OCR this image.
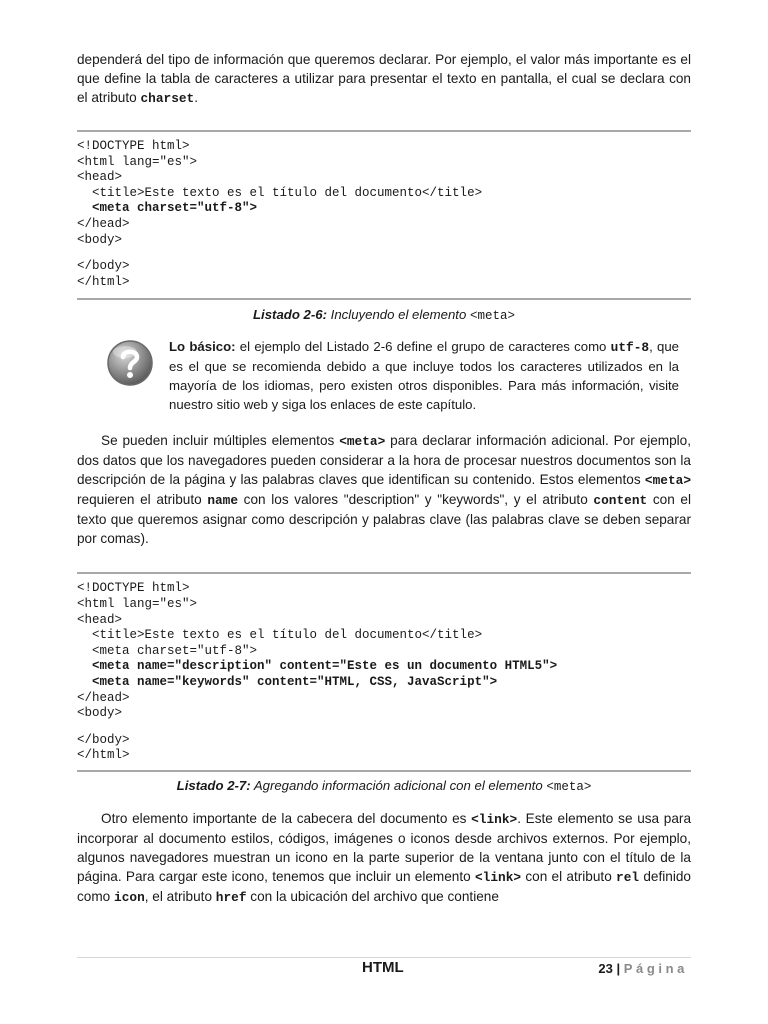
dependerá del tipo de información que queremos declarar. Por ejemplo, el valor más importante es el que define la tabla de caracteres a utilizar para presentar el texto en pantalla, el cual se declara con el atributo charset.

<!DOCTYPE html>
<html lang="es">
<head>
<title>Este texto es el título del documento</title>
<meta charset="utf-8">
</head>
<body>
</body>
</html>
Listado 2-6: Incluyendo el elemento <meta>
Lo básico: el ejemplo del Listado 2-6 define el grupo de caracteres como utf-8, que es el que se recomienda debido a que incluye todos los caracteres utilizados en la mayoría de los idiomas, pero existen otros disponibles. Para más información, visite nuestro sitio web y siga los enlaces de este capítulo.

Se pueden incluir múltiples elementos <meta> para declarar información adicional. Por ejemplo, dos datos que los navegadores pueden considerar a la hora de procesar nuestros documentos son la descripción de la página y las palabras claves que identifican su contenido. Estos elementos <meta> requieren el atributo name con los valores "description" y "keywords", y el atributo content con el texto que queremos asignar como descripción y palabras clave (las palabras clave se deben separar por comas).

<!DOCTYPE html>
<html lang="es">
<head>
<title>Este texto es el título del documento</title>
<meta charset="utf-8">
<meta name="description" content="Este es un documento HTML5">
<meta name="keywords" content="HTML, CSS, JavaScript">
</head>
<body>
</body>
</html>
Listado 2-7: Agregando información adicional con el elemento <meta>

Otro elemento importante de la cabecera del documento es <link>. Este elemento se usa para incorporar al documento estilos, códigos, imágenes o iconos desde archivos externos. Por ejemplo, algunos navegadores muestran un icono en la parte superior de la ventana junto con el título de la página. Para cargar este icono, tenemos que incluir un elemento <link> con el atributo rel definido como icon, el atributo href con la ubicación del archivo que contiene

HTML	23 | Página
